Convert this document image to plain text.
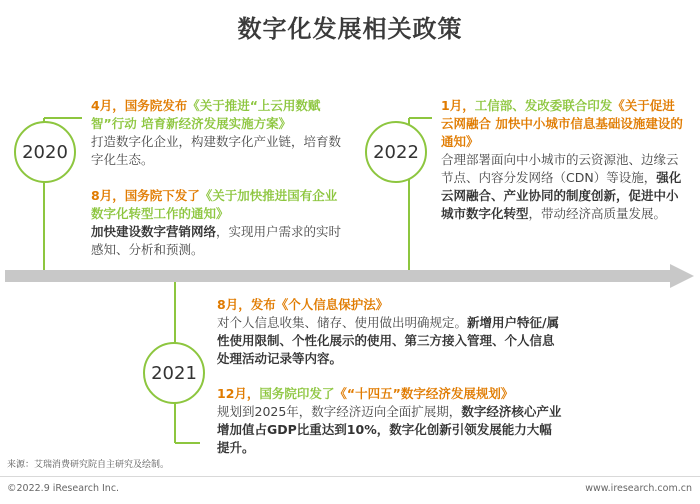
数字化发展相关政策
2020	2022
2021
4月，国务院发布《关于推进“上云用数赋智”行动 培育新经济发展实施方案》
打造数字化企业，构建数字化产业链，培育数字化生态。
8月，国务院下发了《关于加快推进国有企业数字化转型工作的通知》
加快建设数字营销网络，实现用户需求的实时感知、分析和预测。
1月，工信部、发改委联合印发《关于促进云网融合 加快中小城市信息基础设施建设的通知》
合理部署面向中小城市的云资源池、边缘云节点、内容分发网络（CDN）等设施，强化云网融合、产业协同的制度创新，促进中小城市数字化转型，带动经济高质量发展。
8月，发布《个人信息保护法》
对个人信息收集、储存、使用做出明确规定。新增用户特征/属性使用限制、个性化展示的使用、第三方接入管理、个人信息处理活动记录等内容。
12月，国务院印发了《“十四五”数字经济发展规划》
规划到2025年，数字经济迈向全面扩展期，数字经济核心产业增加值占GDP比重达到10%，数字化创新引领发展能力大幅提升。
来源：艾瑞消费研究院自主研究及绘制。
©2022.9 iResearch Inc.	www.iresearch.com.cn
